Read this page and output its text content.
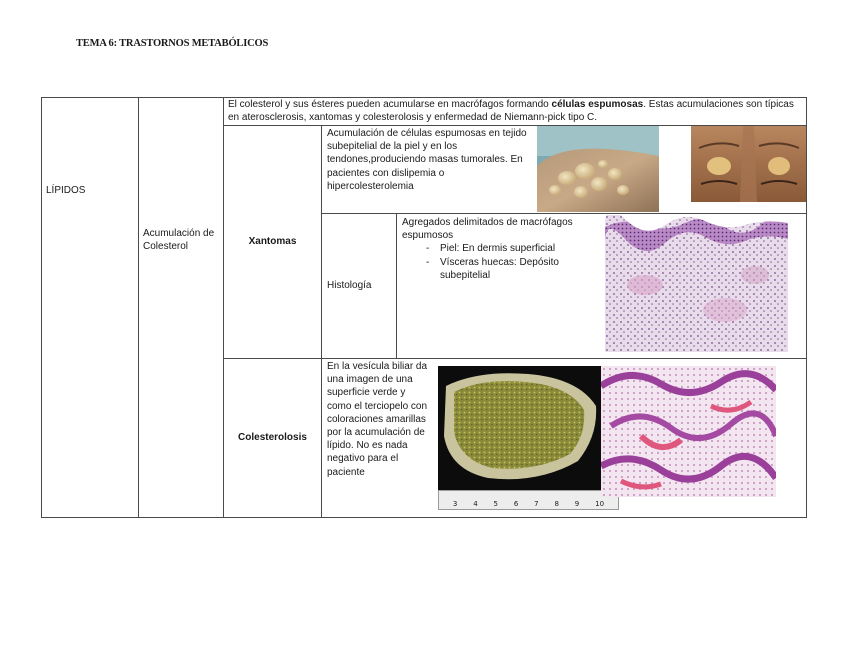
TEMA 6: TRASTORNOS METABÓLICOS
LÍPIDOS
Acumulación de Colesterol
El colesterol y sus ésteres pueden acumularse en macrófagos formando células espumosas. Estas acumulaciones son típicas en aterosclerosis, xantomas y colesterolosis y enfermedad de Niemann-pick tipo C.
Xantomas
Acumulación de células espumosas en tejido subepitelial de la piel y en los tendones,produciendo masas tumorales. En pacientes con dislipemia o hipercolesterolemia
Histología
Agregados delimitados de macrófagos espumosos
- Piel: En dermis superficial
- Vísceras huecas: Depósito subepitelial
Colesterolosis
En la vesícula biliar da una imagen de una superficie verde y como el terciopelo con coloraciones amarillas por la acumulación de lípido. No es nada negativo para el paciente
3 4 5 6 7 8 9 10
